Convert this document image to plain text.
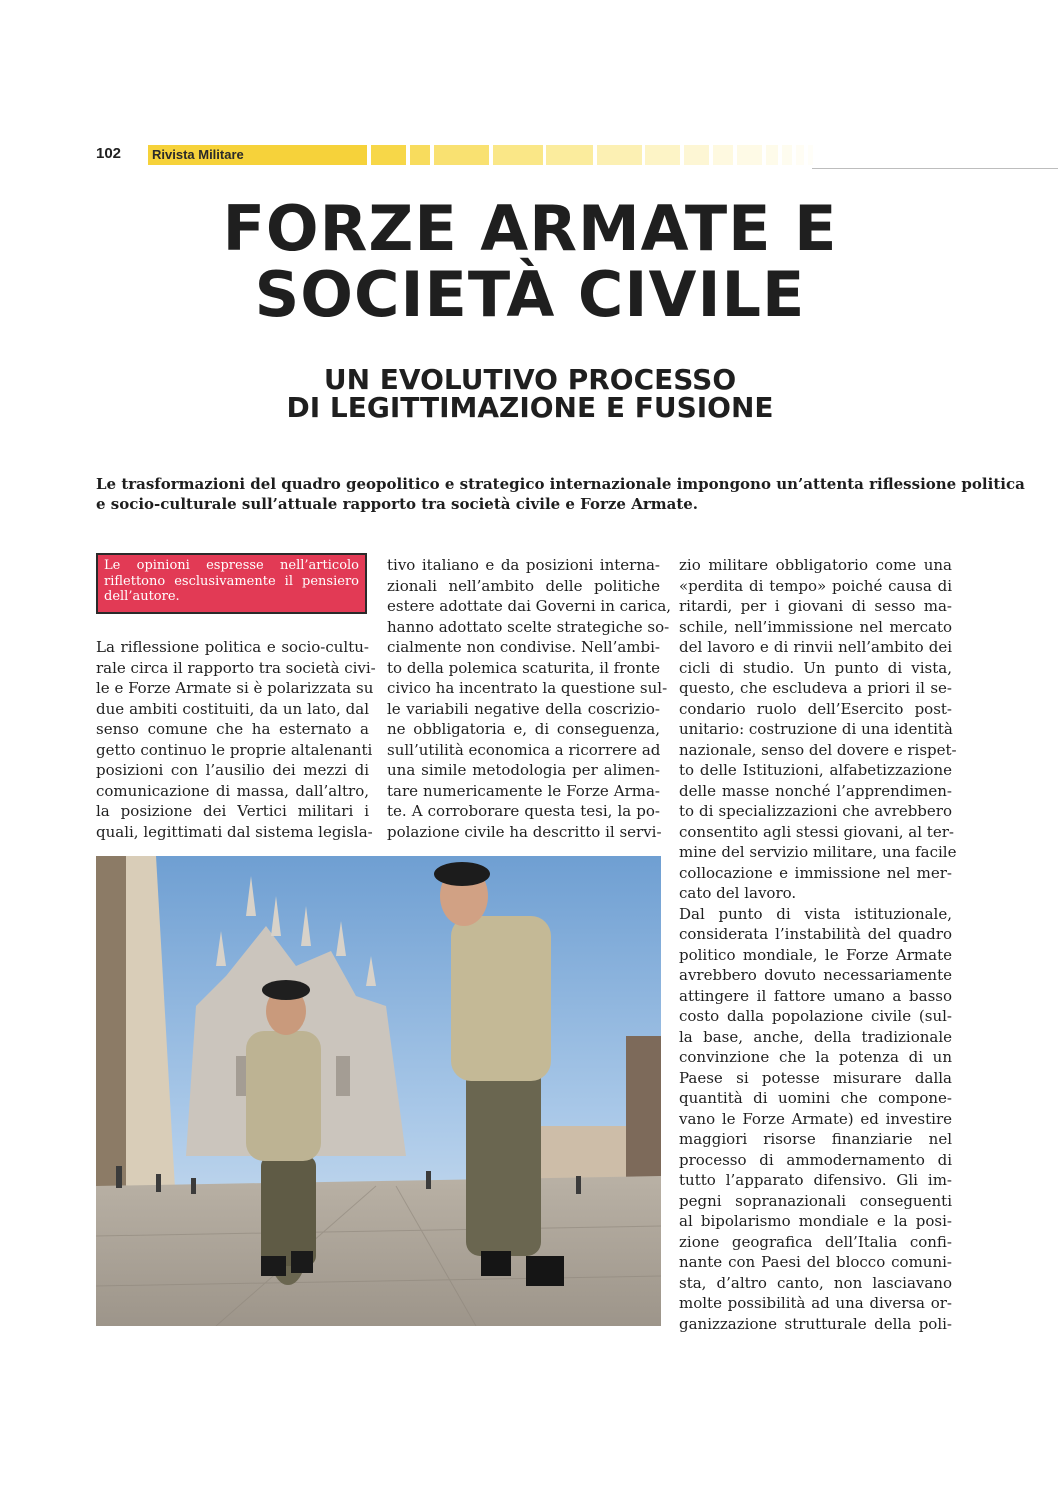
102	Rivista Militare
FORZE ARMATE E
SOCIETÀ CIVILE
UN EVOLUTIVO PROCESSO
DI LEGITTIMAZIONE E FUSIONE

Le trasformazioni del quadro geopolitico e strategico internazionale impongono un’attenta riflessione politica
e socio-culturale sull’attuale rapporto tra società civile e Forze Armate.

Le opinioni espresse nell’articolo
riflettono esclusivamente il pensiero
dell’autore.

La riflessione politica e socio-cultu-
rale circa il rapporto tra società civi-
le e Forze Armate si è polarizzata su
due ambiti costituiti, da un lato, dal
senso comune che ha esternato a
getto continuo le proprie altalenanti
posizioni con l’ausilio dei mezzi di
comunicazione di massa, dall’altro,
la posizione dei Vertici militari i
quali, legittimati dal sistema legisla-

tivo italiano e da posizioni interna-
zionali nell’ambito delle politiche
estere adottate dai Governi in carica,
hanno adottato scelte strategiche so-
cialmente non condivise. Nell’ambi-
to della polemica scaturita, il fronte
civico ha incentrato la questione sul-
le variabili negative della coscrizio-
ne obbligatoria e, di conseguenza,
sull’utilità economica a ricorrere ad
una simile metodologia per alimen-
tare numericamente le Forze Arma-
te. A corroborare questa tesi, la po-
polazione civile ha descritto il servi-

zio militare obbligatorio come una
«perdita di tempo» poiché causa di
ritardi, per i giovani di sesso ma-
schile, nell’immissione nel mercato
del lavoro e di rinvii nell’ambito dei
cicli di studio. Un punto di vista,
questo, che escludeva a priori il se-
condario ruolo dell’Esercito post-
unitario: costruzione di una identità
nazionale, senso del dovere e rispet-
to delle Istituzioni, alfabetizzazione
delle masse nonché l’apprendimen-
to di specializzazioni che avrebbero
consentito agli stessi giovani, al ter-
mine del servizio militare, una facile
collocazione e immissione nel mer-
cato del lavoro.
Dal punto di vista istituzionale,
considerata l’instabilità del quadro
politico mondiale, le Forze Armate
avrebbero dovuto necessariamente
attingere il fattore umano a basso
costo dalla popolazione civile (sul-
la base, anche, della tradizionale
convinzione che la potenza di un
Paese si potesse misurare dalla
quantità di uomini che compone-
vano le Forze Armate) ed investire
maggiori risorse finanziarie nel
processo di ammodernamento di
tutto l’apparato difensivo. Gli im-
pegni sopranazionali conseguenti
al bipolarismo mondiale e la posi-
zione geografica dell’Italia confi-
nante con Paesi del blocco comuni-
sta, d’altro canto, non lasciavano
molte possibilità ad una diversa or-
ganizzazione strutturale della poli-
